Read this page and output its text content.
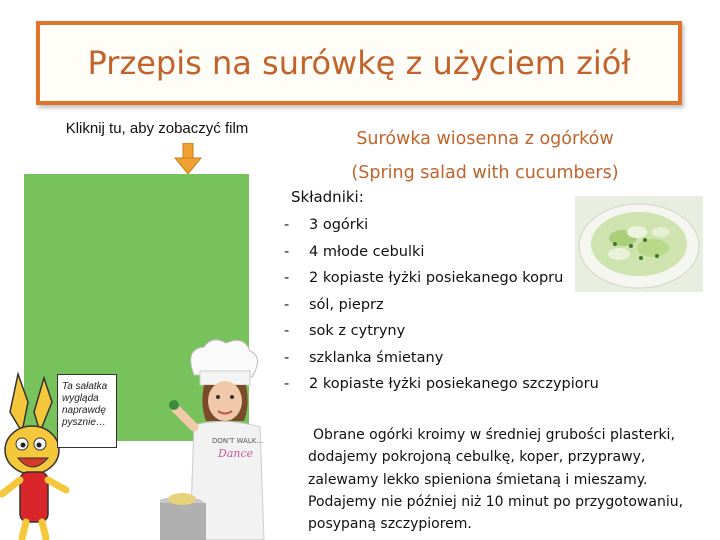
Przepis na surówkę z użyciem ziół
Kliknij tu, aby zobaczyć film
Ta sałatka wygląda naprawdę pysznie…
DON'T WALK...
Dance
Surówka wiosenna z ogórków
(Spring salad with cucumbers)
Składniki:
-	3 ogórki
-	4 młode cebulki
-	2 kopiaste łyżki posiekanego kopru
-	sól, pieprz
-	sok z cytryny
-	szklanka śmietany
-	2 kopiaste łyżki posiekanego szczypioru
Obrane ogórki kroimy w średniej grubości plasterki, dodajemy pokrojoną cebulkę, koper, przyprawy, zalewamy lekko spieniona śmietaną i mieszamy. Podajemy nie później niż 10 minut po przygotowaniu, posypaną szczypiorem.
